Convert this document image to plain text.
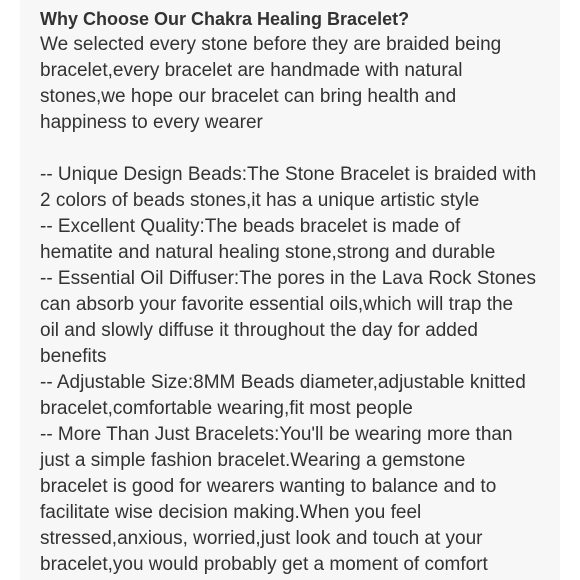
Why Choose Our Chakra Healing Bracelet?
We selected every stone before they are braided being
bracelet,every bracelet are handmade with natural
stones,we hope our bracelet can bring health and
happiness to every wearer
-- Unique Design Beads:The Stone Bracelet is braided with
2 colors of beads stones,it has a unique artistic style
-- Excellent Quality:The beads bracelet is made of
hematite and natural healing stone,strong and durable
-- Essential Oil Diffuser:The pores in the Lava Rock Stones
can absorb your favorite essential oils,which will trap the
oil and slowly diffuse it throughout the day for added
benefits
-- Adjustable Size:8MM Beads diameter,adjustable knitted
bracelet,comfortable wearing,fit most people
-- More Than Just Bracelets:You'll be wearing more than
just a simple fashion bracelet.Wearing a gemstone
bracelet is good for wearers wanting to balance and to
facilitate wise decision making.When you feel
stressed,anxious, worried,just look and touch at your
bracelet,you would probably get a moment of comfort
